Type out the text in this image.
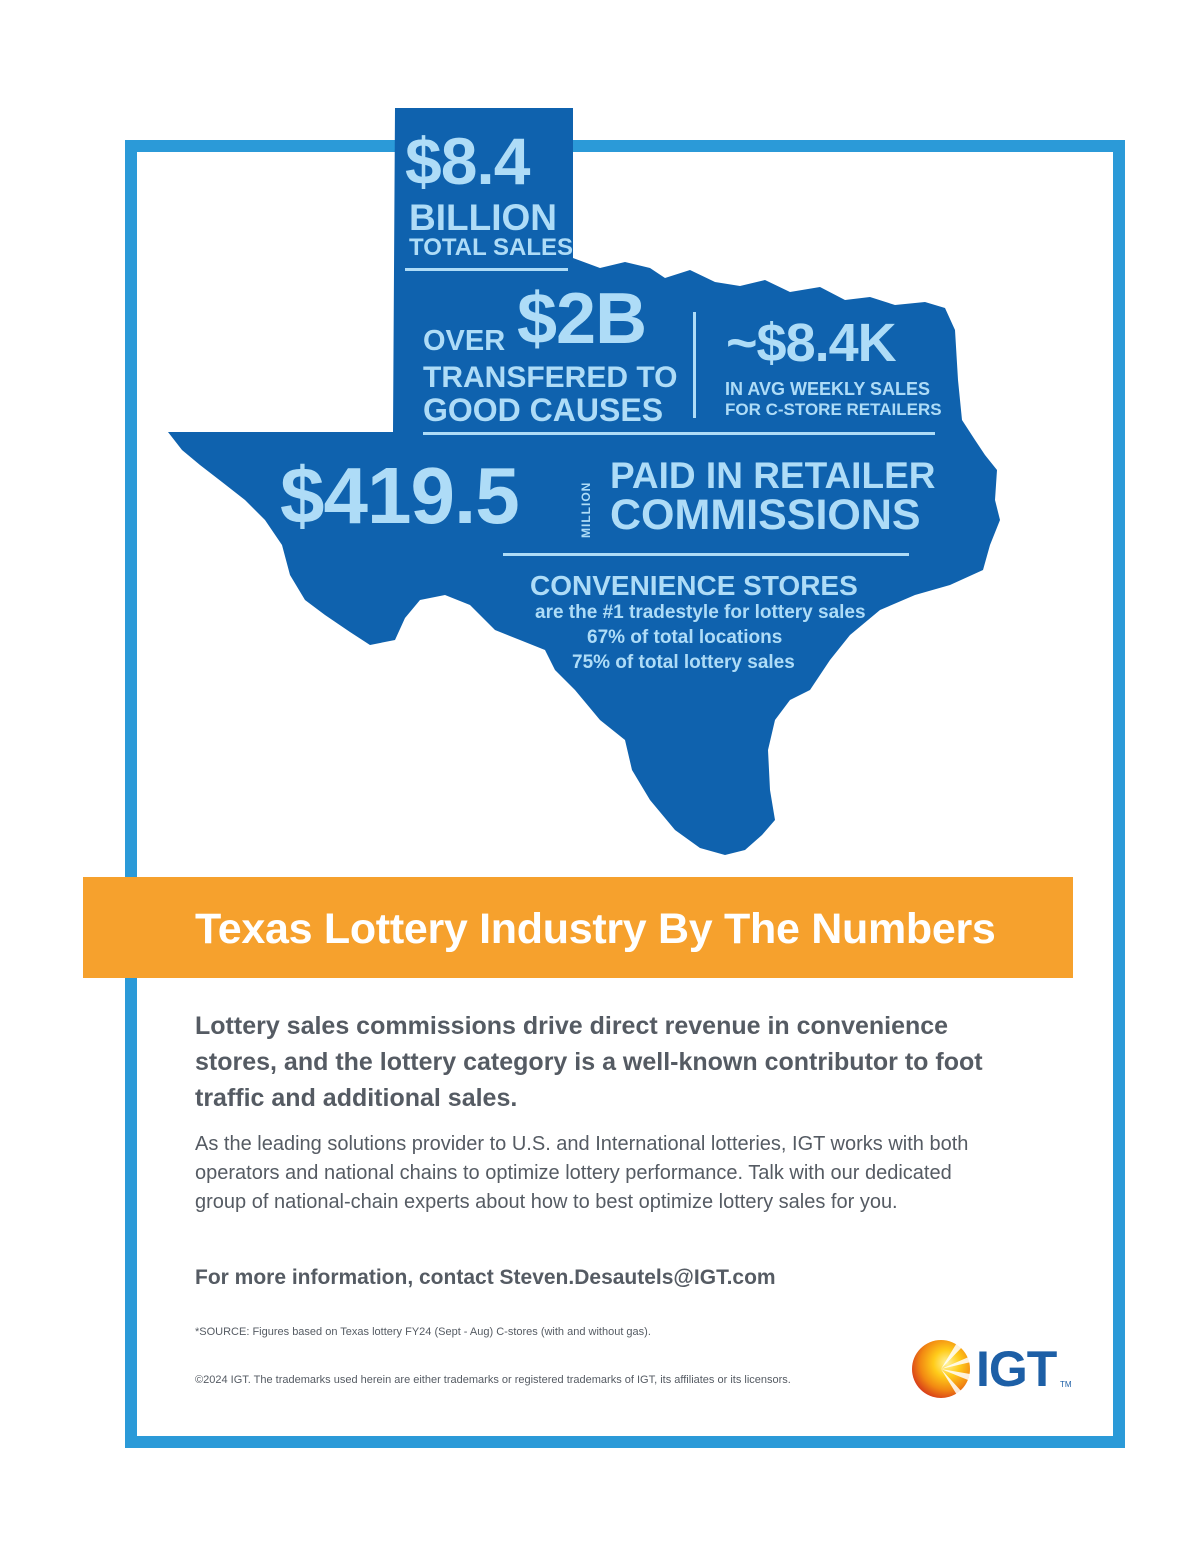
$8.4
BILLION
TOTAL SALES
OVER $2B
TRANSFERED TO
GOOD CAUSES
~$8.4K
IN AVG WEEKLY SALES
FOR C-STORE RETAILERS
$419.5	MILLION
PAID IN RETAILER
COMMISSIONS
CONVENIENCE STORES
are the #1 tradestyle for lottery sales
67% of total locations
75% of total lottery sales
Texas Lottery Industry By The Numbers

Lottery sales commissions drive direct revenue in convenience stores, and the lottery category is a well-known contributor to foot traffic and additional sales.

As the leading solutions provider to U.S. and International lotteries, IGT works with both operators and national chains to optimize lottery performance. Talk with our dedicated group of national-chain experts about how to best optimize lottery sales for you.

For more information, contact Steven.Desautels@IGT.com

*SOURCE: Figures based on Texas lottery FY24 (Sept - Aug) C-stores (with and without gas).

©2024 IGT. The trademarks used herein are either trademarks or registered trademarks of IGT, its affiliates or its licensors.	IGT TM
